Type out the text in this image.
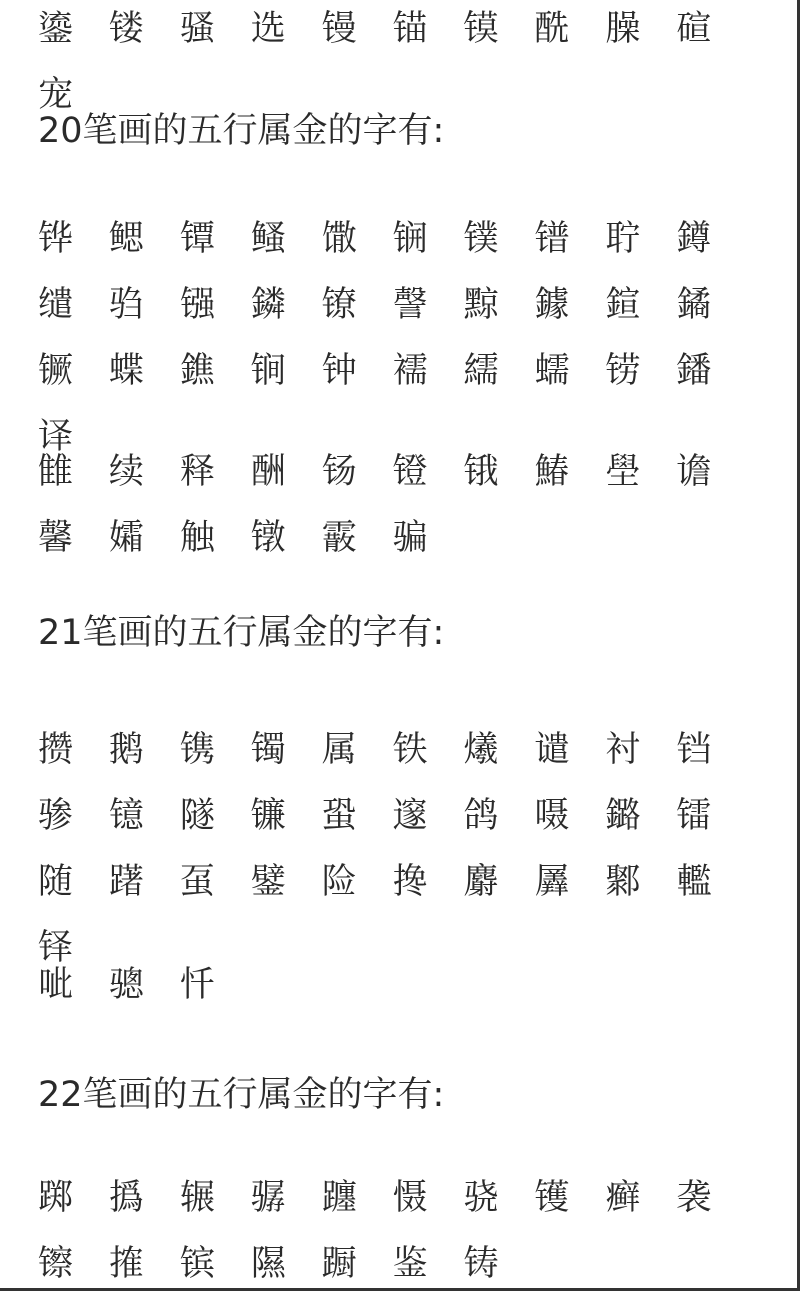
鎏 镂 骚 选 镘 锚 镆 酰 臊 碹 宠

20笔画的五行属金的字有:

铧 鳃 镡 鳋 馓 锎 镤 镨 聍 鐏 缱 驺 镪 鏻 镣 謦 黥 鐻 鍹 鐍 镢 蝶 鐎 锏 钟 襦 繻 蠕 铹 鐇 译

雔 续 释 酬 钖 镫 锇 鰆 壆 谵 馨 孀 触 镦 霰 骗

21笔画的五行属金的字有:

攒 鹅 镌 镯 属 铁 爔 谴 衬 铛 骖 镱 隧 镰 蛩 邃 鸽 嗫 鏴 镭 随 躇 虿 鐾 险 搀 麝 羼 鄹 轞 铎

呲 骢 忏

22笔画的五行属金的字有:

踯 撝 辗 骣 躔 慑 骁 镬 癣 袭 镲 搉 镔 隰 蹰 鉴 铸
